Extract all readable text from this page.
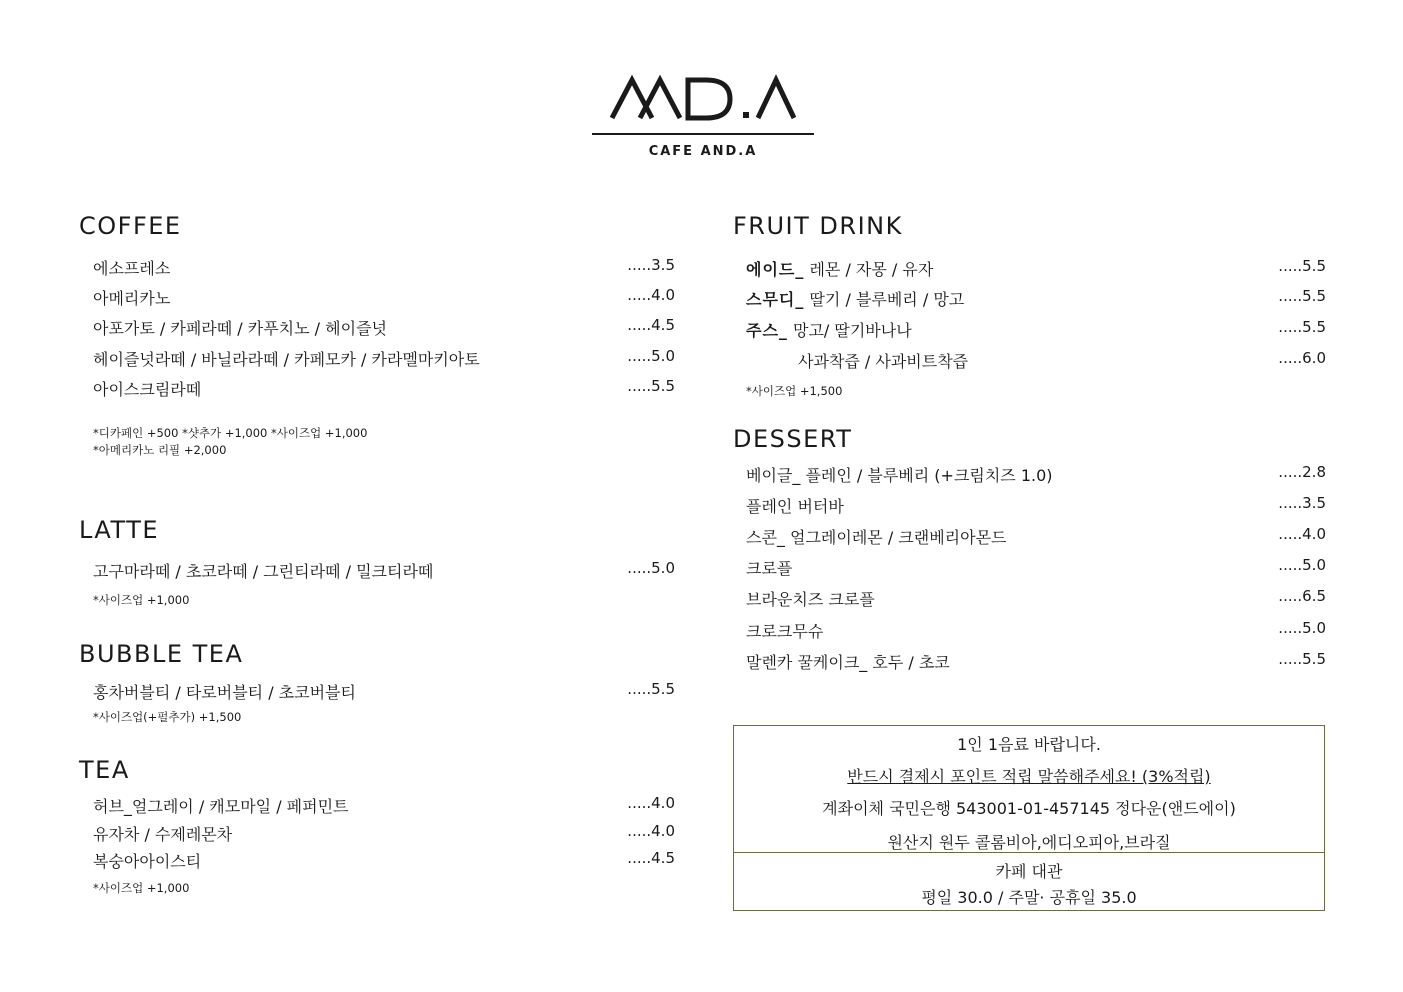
CAFE AND.A
COFFEE
에소프레소	.....3.5
아메리카노	.....4.0
아포가토 / 카페라떼 / 카푸치노 / 헤이즐넛	.....4.5
헤이즐넛라떼 / 바닐라라떼 / 카페모카 / 카라멜마키아토	.....5.0
아이스크림라떼	.....5.5
*디카페인 +500 *샷추가 +1,000 *사이즈업 +1,000
*아메리카노 리필 +2,000
LATTE
고구마라떼 / 초코라떼 / 그린티라떼 / 밀크티라떼	.....5.0
*사이즈업 +1,000
BUBBLE TEA
홍차버블티 / 타로버블티 / 초코버블티	.....5.5
*사이즈업(+펄추가) +1,500
TEA
허브_얼그레이 / 캐모마일 / 페퍼민트	.....4.0
유자차 / 수제레몬차	.....4.0
복숭아아이스티	.....4.5
*사이즈업 +1,000
FRUIT DRINK
에이드_ 레몬 / 자몽 / 유자	.....5.5
스무디_ 딸기 / 블루베리 / 망고	.....5.5
주스_ 망고/ 딸기바나나	.....5.5
사과착즙 / 사과비트착즙	.....6.0
*사이즈업 +1,500
DESSERT
베이글_ 플레인 / 블루베리 (+크림치즈 1.0)	.....2.8
플레인 버터바	.....3.5
스콘_ 얼그레이레몬 / 크랜베리아몬드	.....4.0
크로플	.....5.0
브라운치즈 크로플	.....6.5
크로크무슈	.....5.0
말렌카 꿀케이크_ 호두 / 초코	.....5.5
1인 1음료 바랍니다.
반드시 결제시 포인트 적립 말씀해주세요! (3%적립)
계좌이체 국민은행 543001-01-457145 정다운(앤드에이)
원산지 원두 콜롬비아,에디오피아,브라질
카페 대관
평일 30.0 / 주말· 공휴일 35.0
